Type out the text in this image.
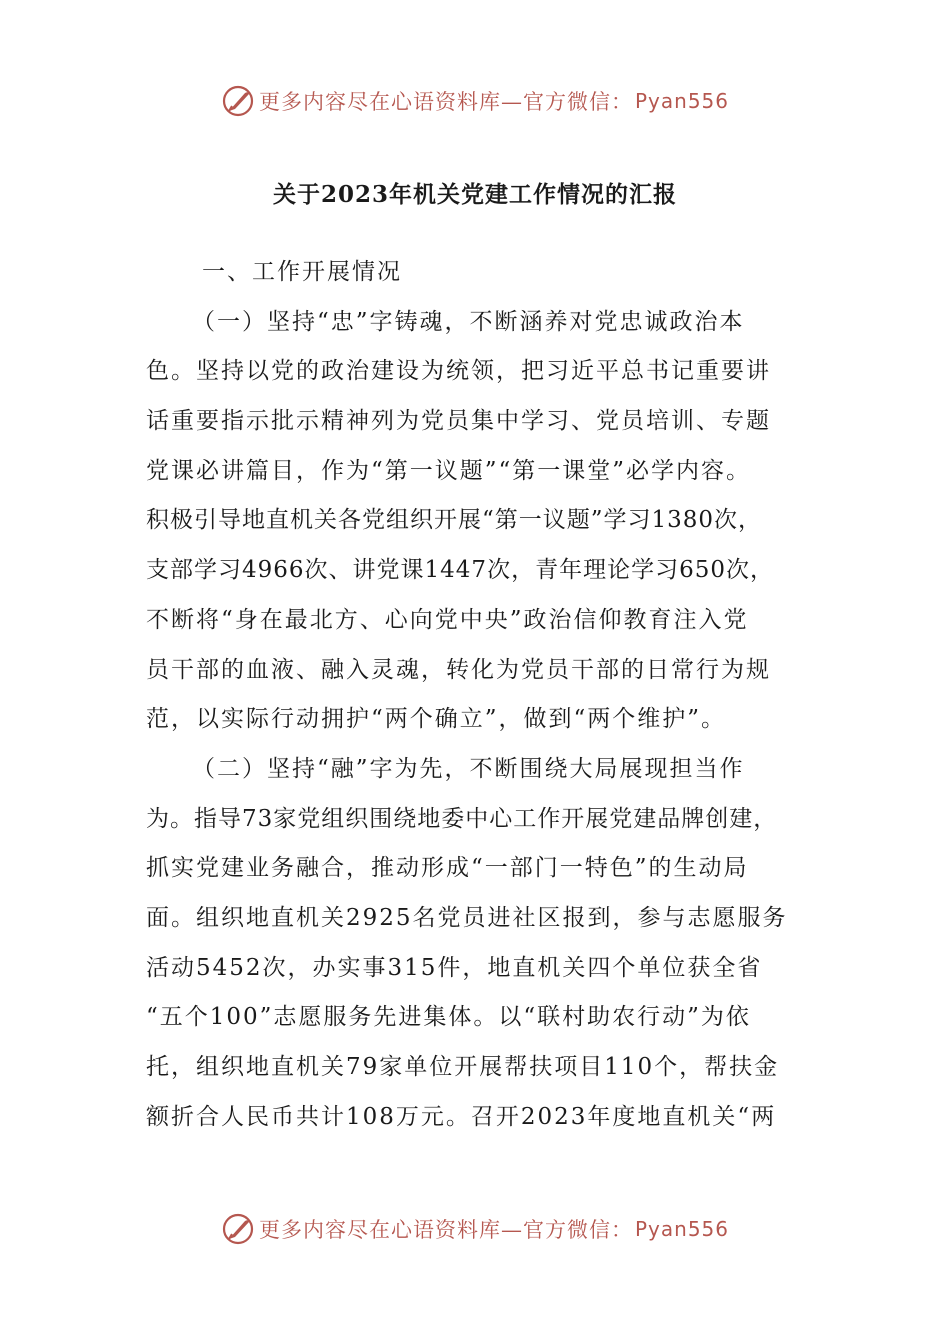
更多内容尽在心语资料库—官方微信： Pyan556
关于2023年机关党建工作情况的汇报
一、工作开展情况
（一）坚持“忠”字铸魂，不断涵养对党忠诚政治本
色。坚持以党的政治建设为统领，把习近平总书记重要讲
话重要指示批示精神列为党员集中学习、党员培训、专题
党课必讲篇目，作为“第一议题”“第一课堂”必学内容。
积极引导地直机关各党组织开展“第一议题”学习1380次，
支部学习4966次、讲党课1447次，青年理论学习650次，
不断将“身在最北方、心向党中央”政治信仰教育注入党
员干部的血液、融入灵魂，转化为党员干部的日常行为规
范，以实际行动拥护“两个确立”，做到“两个维护”。
（二）坚持“融”字为先，不断围绕大局展现担当作
为。指导73家党组织围绕地委中心工作开展党建品牌创建，
抓实党建业务融合，推动形成“一部门一特色”的生动局
面。组织地直机关2925名党员进社区报到，参与志愿服务
活动5452次，办实事315件，地直机关四个单位获全省
“五个100”志愿服务先进集体。以“联村助农行动”为依
托，组织地直机关79家单位开展帮扶项目110个，帮扶金
额折合人民币共计108万元。召开2023年度地直机关“两
更多内容尽在心语资料库—官方微信： Pyan556
